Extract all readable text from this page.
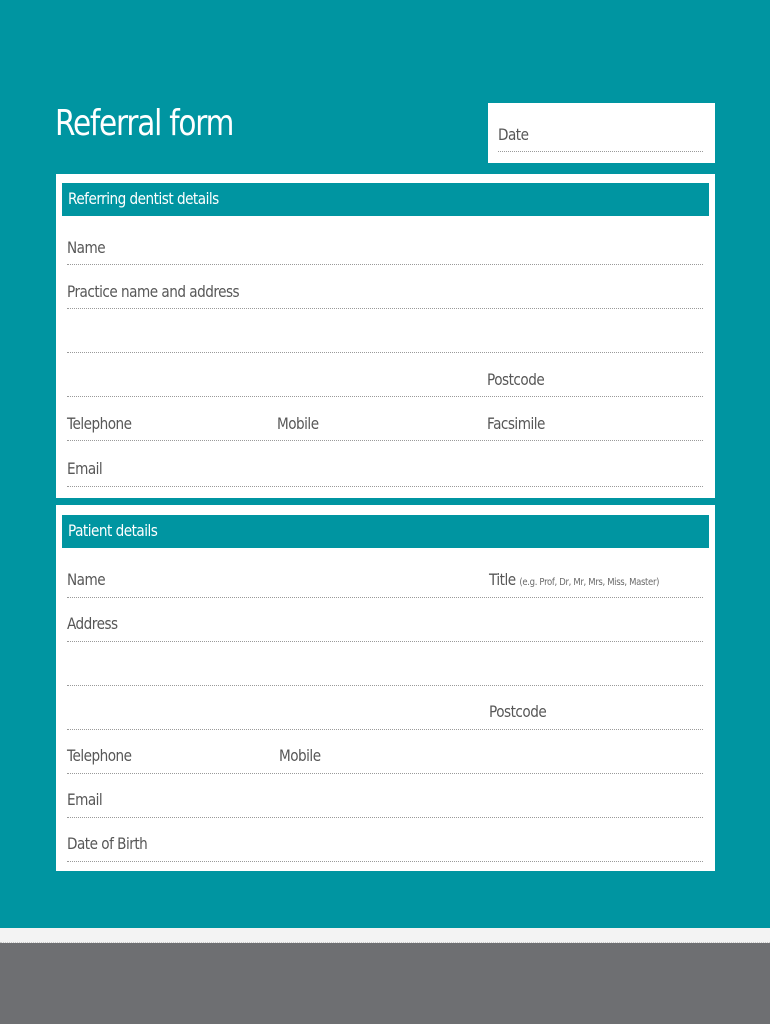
Referral form	Date
Referring dentist details
Name
Practice name and address
Postcode
Telephone	Mobile	Facsimile
Email
Patient details
Name	Title (e.g. Prof, Dr, Mr, Mrs, Miss, Master)
Address
Postcode
Telephone	Mobile
Email
Date of Birth
